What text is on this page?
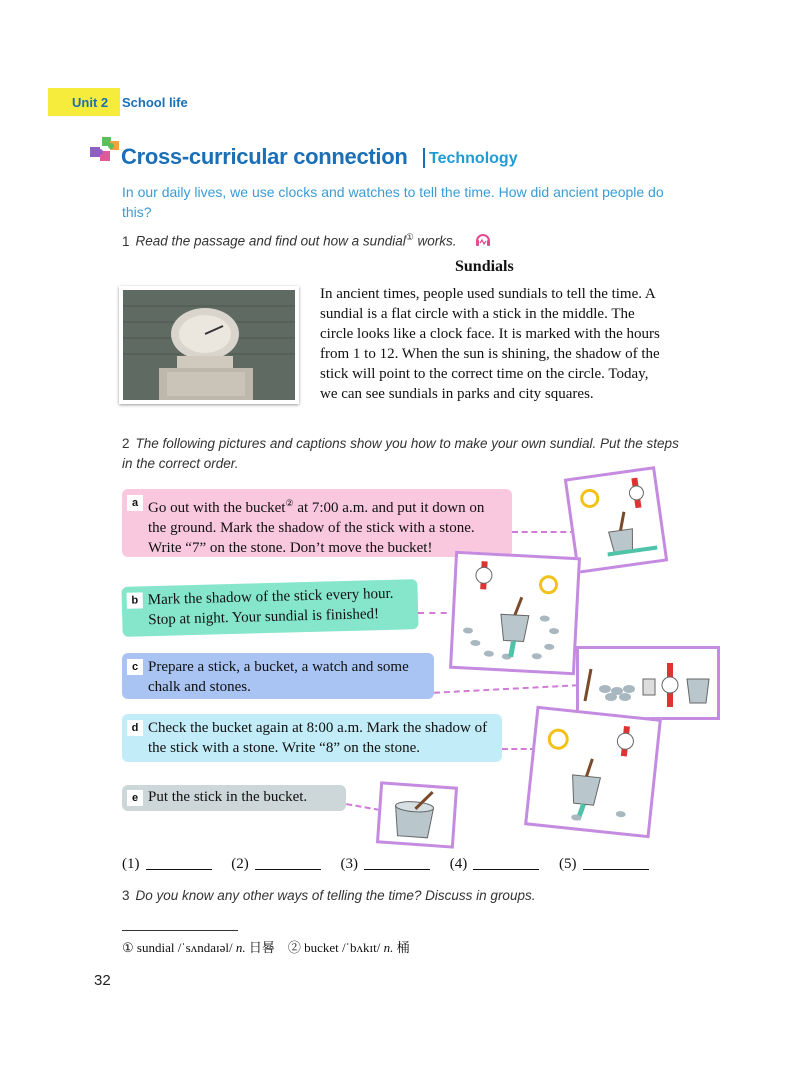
Unit 2 School life
Cross-curricular connection Technology
In our daily lives, we use clocks and watches to tell the time. How did ancient people do this?
1 Read the passage and find out how a sundial① works.
Sundials
In ancient times, people used sundials to tell the time. A sundial is a flat circle with a stick in the middle. The circle looks like a clock face. It is marked with the hours from 1 to 12. When the sun is shining, the shadow of the stick will point to the correct time on the circle. Today, we can see sundials in parks and city squares.
2 The following pictures and captions show you how to make your own sundial. Put the steps in the correct order.
a Go out with the bucket② at 7:00 a.m. and put it down on the ground. Mark the shadow of the stick with a stone. Write “7” on the stone. Don’t move the bucket!
b Mark the shadow of the stick every hour. Stop at night. Your sundial is finished!
c Prepare a stick, a bucket, a watch and some chalk and stones.
d Check the bucket again at 8:00 a.m. Mark the shadow of the stick with a stone. Write “8” on the stone.
e Put the stick in the bucket.
(1)	(2)	(3)	(4)	(5)
3 Do you know any other ways of telling the time? Discuss in groups.
① sundial /ˈsʌndaɪəl/ n. 日晷 ② bucket /ˈbʌkɪt/ n. 桶
32
